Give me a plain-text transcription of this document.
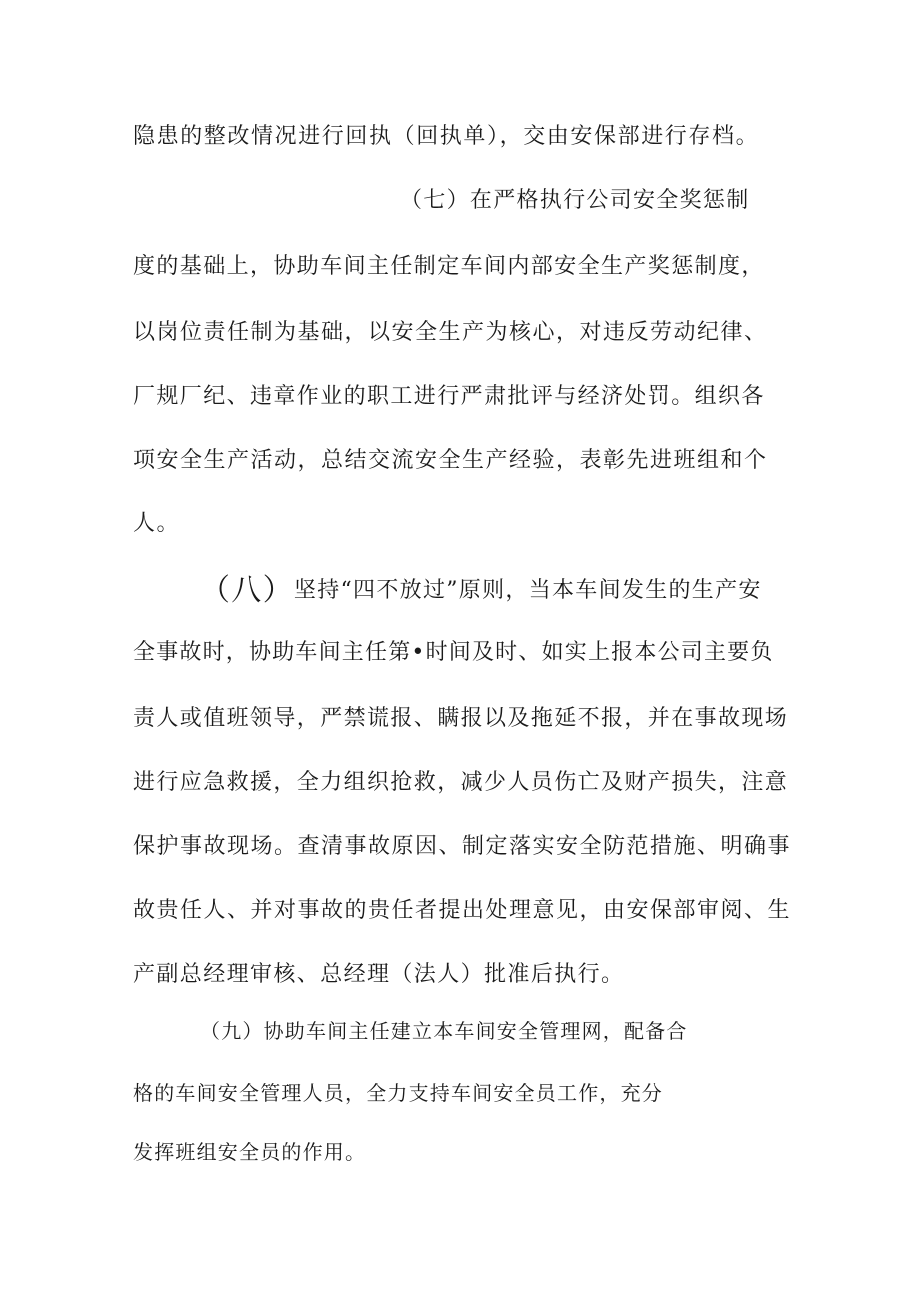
隐患的整改情况进行回执（回执单），交由安保部进行存档。
（七）在严格执行公司安全奖惩制
度的基础上，协助车间主任制定车间内部安全生产奖惩制度，
以岗位责任制为基础，以安全生产为核心，对违反劳动纪律、
厂规厂纪、违章作业的职工进行严肃批评与经济处罚。组织各
项安全生产活动，总结交流安全生产经验，表彰先进班组和个
人。
（八）坚持“四不放过”原则，当本车间发生的生产安
全事故时，协助车间主任第•时间及时、如实上报本公司主要负
责人或值班领导，严禁谎报、瞒报以及拖延不报，并在事故现场
进行应急救援，全力组织抢救，减少人员伤亡及财产损失，注意
保护事故现场。查清事故原因、制定落实安全防范措施、明确事
故贵任人、并对事故的贵任者提出处理意见，由安保部审阅、生
产副总经理审核、总经理（法人）批准后执行。
（九）协助车间主任建立本车间安全管理网，配备合
格的车间安全管理人员，全力支持车间安全员工作，充分
发挥班组安全员的作用。
